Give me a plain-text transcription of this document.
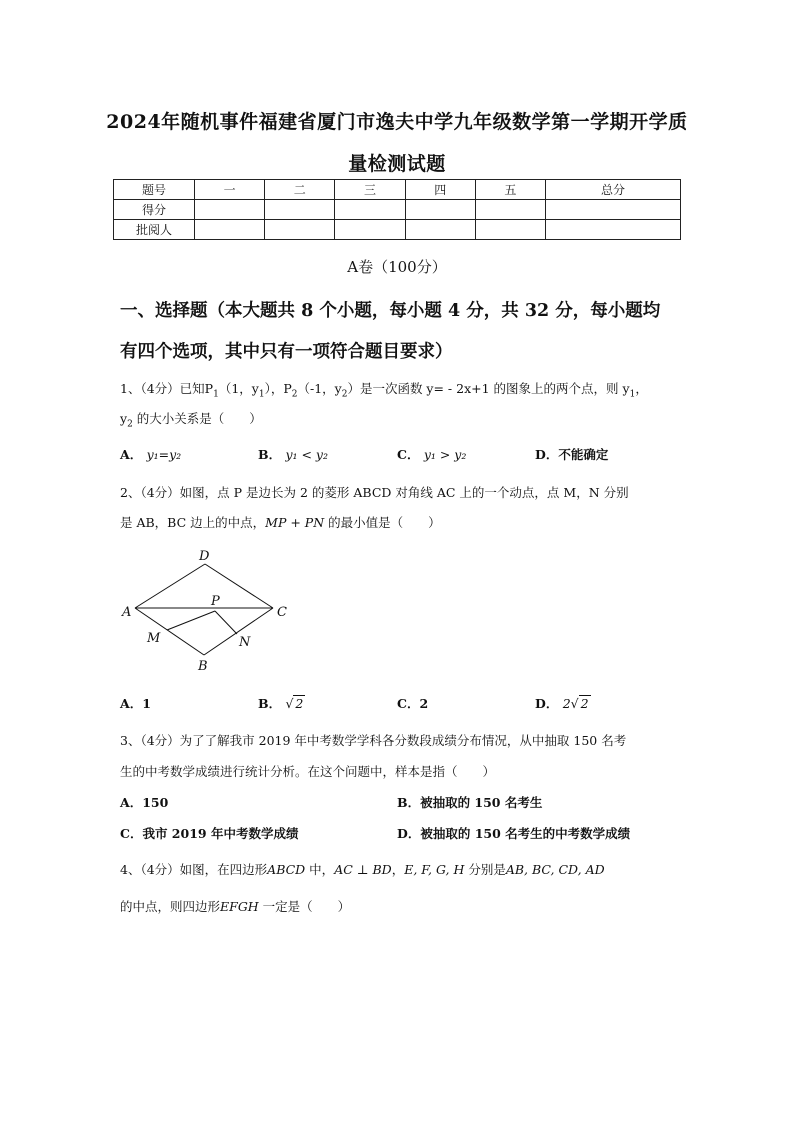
2024年随机事件福建省厦门市逸夫中学九年级数学第一学期开学质
量检测试题
题号	一	二	三	四	五	总分
得分						
批阅人						
A卷（100分）
一、选择题（本大题共 8 个小题，每小题 4 分，共 32 分，每小题均
有四个选项，其中只有一项符合题目要求）
1、（4分）已知$P_1(1$，$y_1$），$P_2(-1$，$y_2$）是一次函数 y= - 2x+1 的图象上的两个点，则 $y_1$，
$y_2$ 的大小关系是（　　）
A． y₁=y₂	B． y₁ < y₂	C． y₁ > y₂	D．不能确定
2、（4分）如图，点 P 是边长为 2 的菱形 ABCD 对角线 AC 上的一个动点，点 M，N 分别
是 AB，BC 边上的中点，MP + PN 的最小值是（　　）
D
A
P
C
M	N
B
A．1	B． √ 2	C．2	D． 2√ 2
3、（4分）为了了解我市 2019 年中考数学学科各分数段成绩分布情况，从中抽取 150 名考
生的中考数学成绩进行统计分析。在这个问题中，样本是指（　　）
A．150	B．被抽取的 150 名考生
C．我市 2019 年中考数学成绩	D．被抽取的 150 名考生的中考数学成绩
4、（4分）如图，在四边形ABCD 中，AC ⊥ BD，E, F, G, H 分别是AB, BC, CD, AD
的中点，则四边形EFGH 一定是（　　）
